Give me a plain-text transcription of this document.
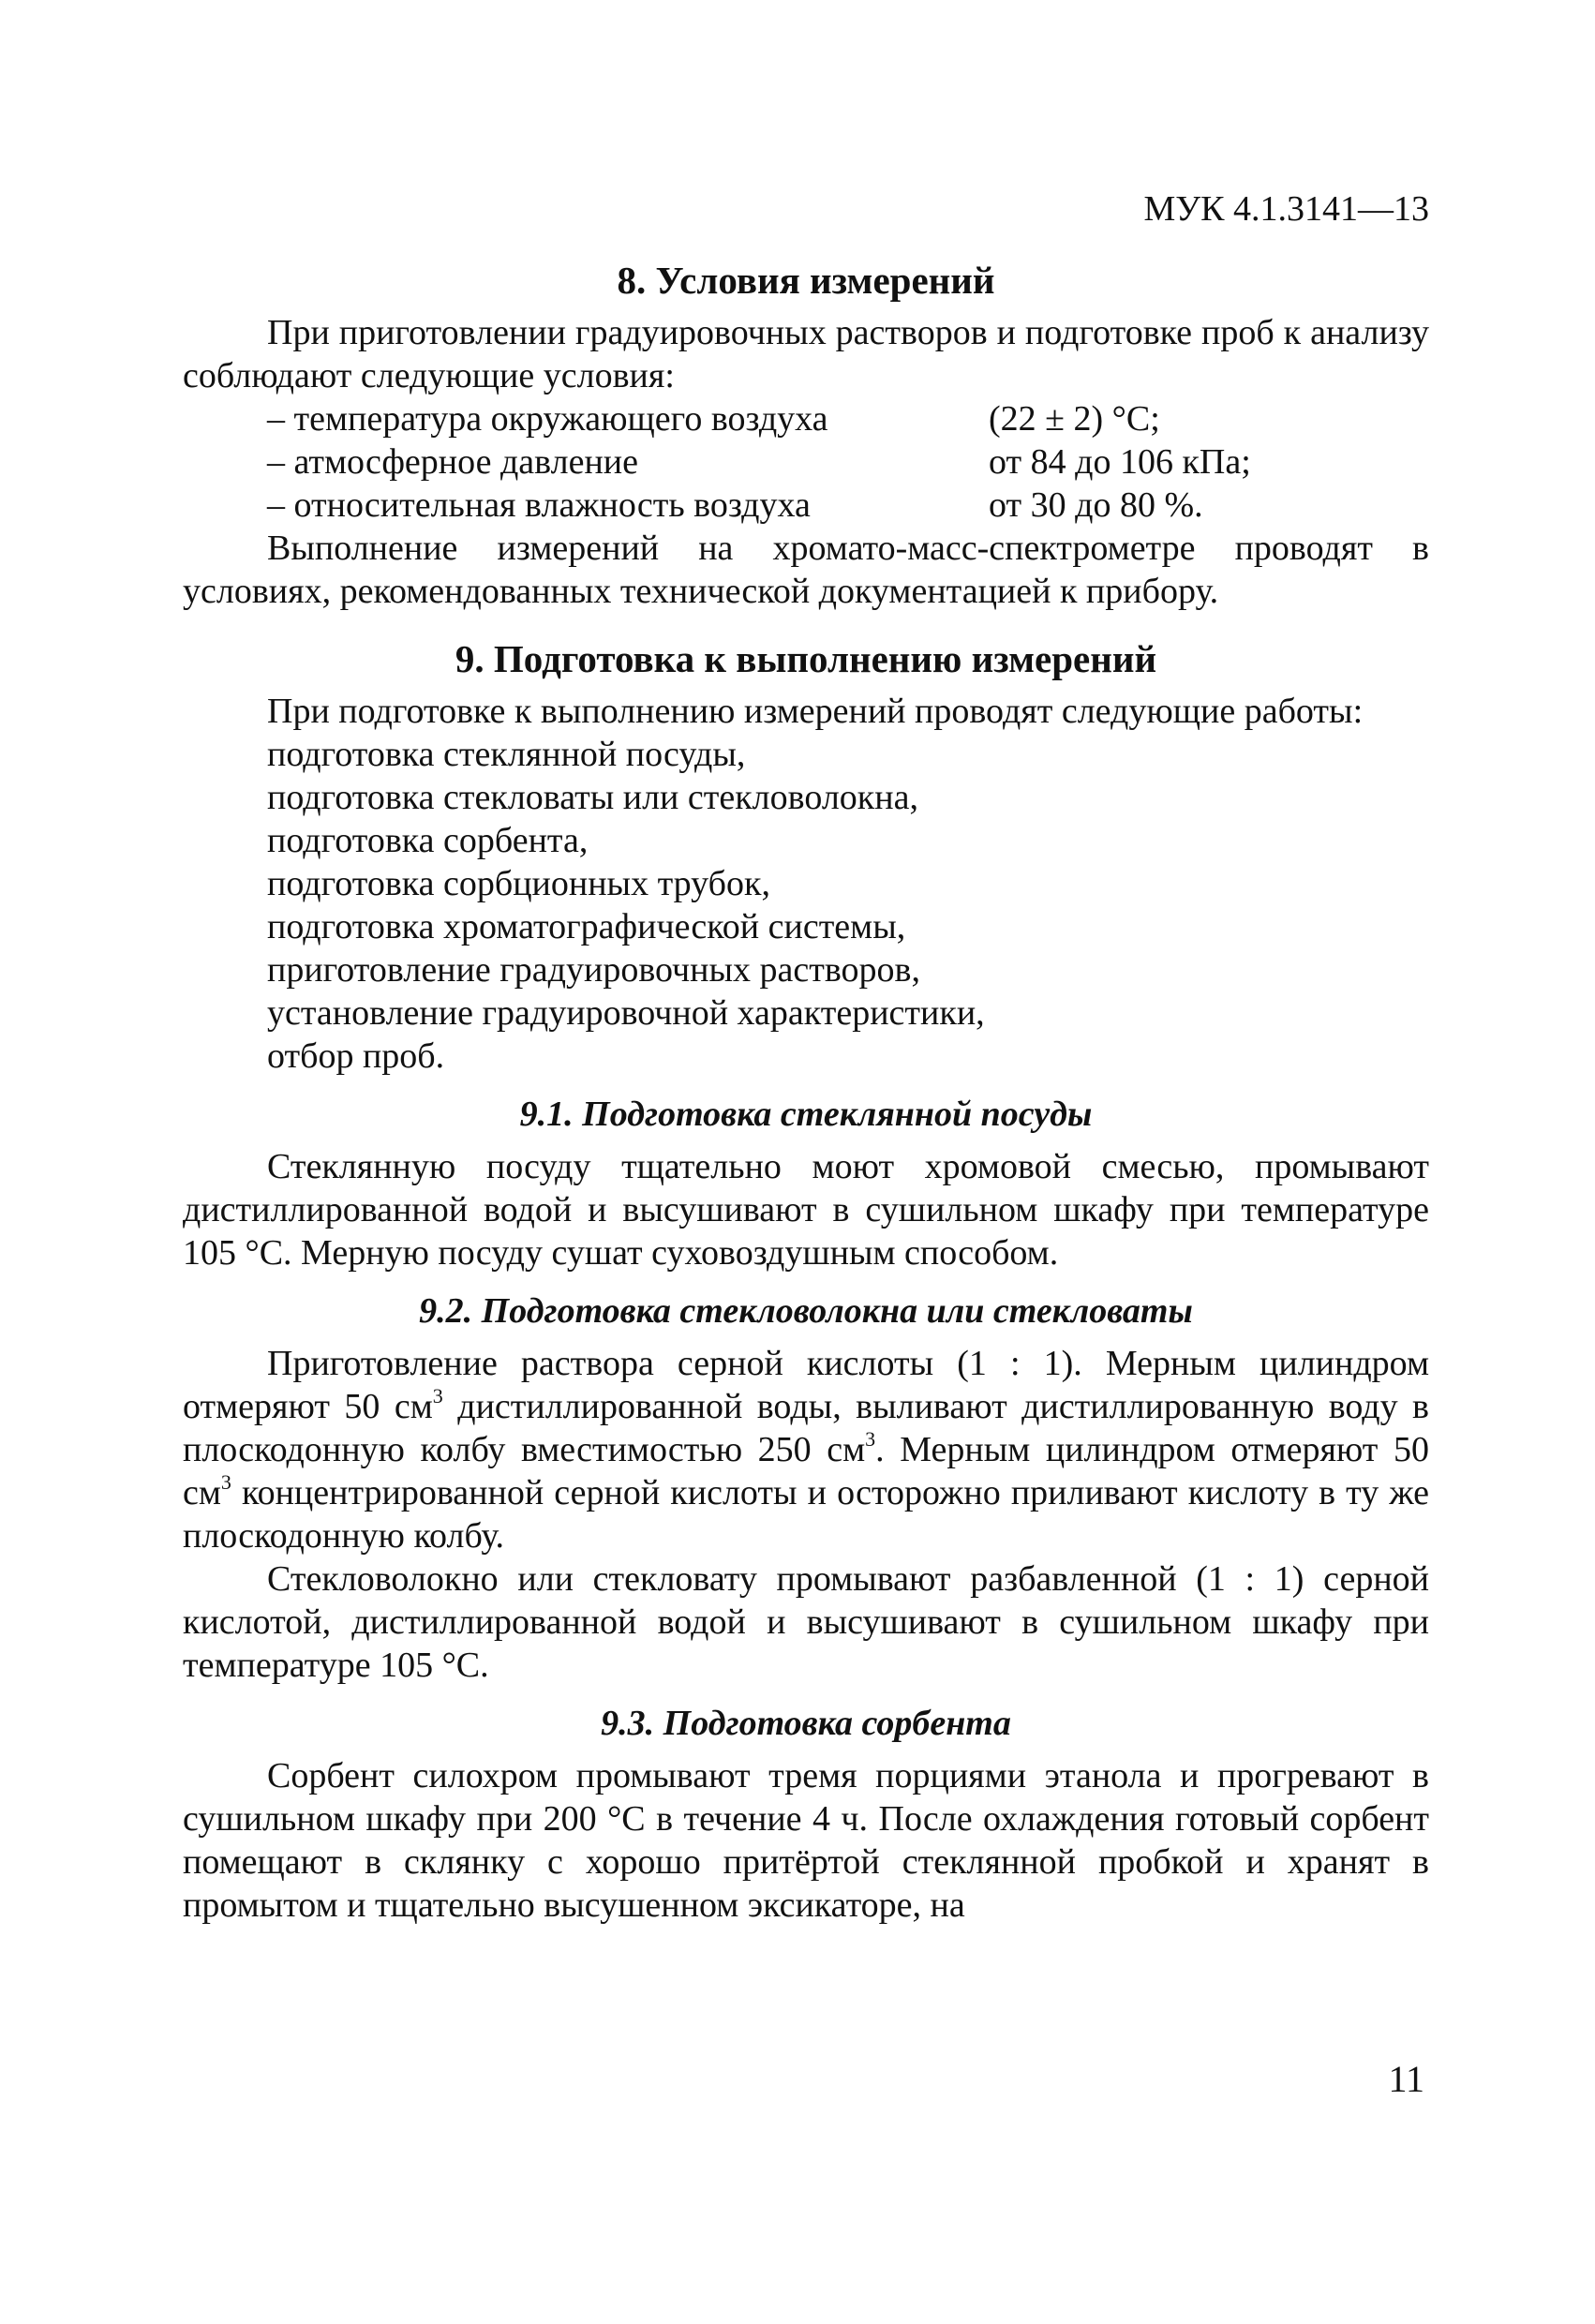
МУК 4.1.3141—13
8. Условия измерений

При приготовлении градуировочных растворов и подготовке проб к анализу соблюдают следующие условия:

– температура окружающего воздуха	(22 ± 2) °С;
– атмосферное давление	от 84 до 106 кПа;
– относительная влажность воздуха	от 30 до 80 %.

Выполнение измерений на хромато-масс-спектрометре проводят в условиях, рекомендованных технической документацией к прибору.

9. Подготовка к выполнению измерений

При подготовке к выполнению измерений проводят следующие работы:

подготовка стеклянной посуды,
подготовка стекловаты или стекловолокна,
подготовка сорбента,
подготовка сорбционных трубок,
подготовка хроматографической системы,
приготовление градуировочных растворов,
установление градуировочной характеристики,
отбор проб.
9.1. Подготовка стеклянной посуды

Стеклянную посуду тщательно моют хромовой смесью, промывают дистиллированной водой и высушивают в сушильном шкафу при температуре 105 °С. Мерную посуду сушат суховоздушным способом.

9.2. Подготовка стекловолокна или стекловаты

Приготовление раствора серной кислоты (1 : 1). Мерным цилиндром отмеряют 50 $см^3$ дистиллированной воды, выливают дистиллированную воду в плоскодонную колбу вместимостью 250 $см^3$. Мерным цилиндром отмеряют 50 $см^3$ концентрированной серной кислоты и осторожно приливают кислоту в ту же плоскодонную колбу.

Стекловолокно или стекловату промывают разбавленной (1 : 1) серной кислотой, дистиллированной водой и высушивают в сушильном шкафу при температуре 105 °С.

9.3. Подготовка сорбента

Сорбент силохром промывают тремя порциями этанола и прогревают в сушильном шкафу при 200 °С в течение 4 ч. После охлаждения готовый сорбент помещают в склянку с хорошо притёртой стеклянной пробкой и хранят в промытом и тщательно высушенном эксикаторе, на

11
